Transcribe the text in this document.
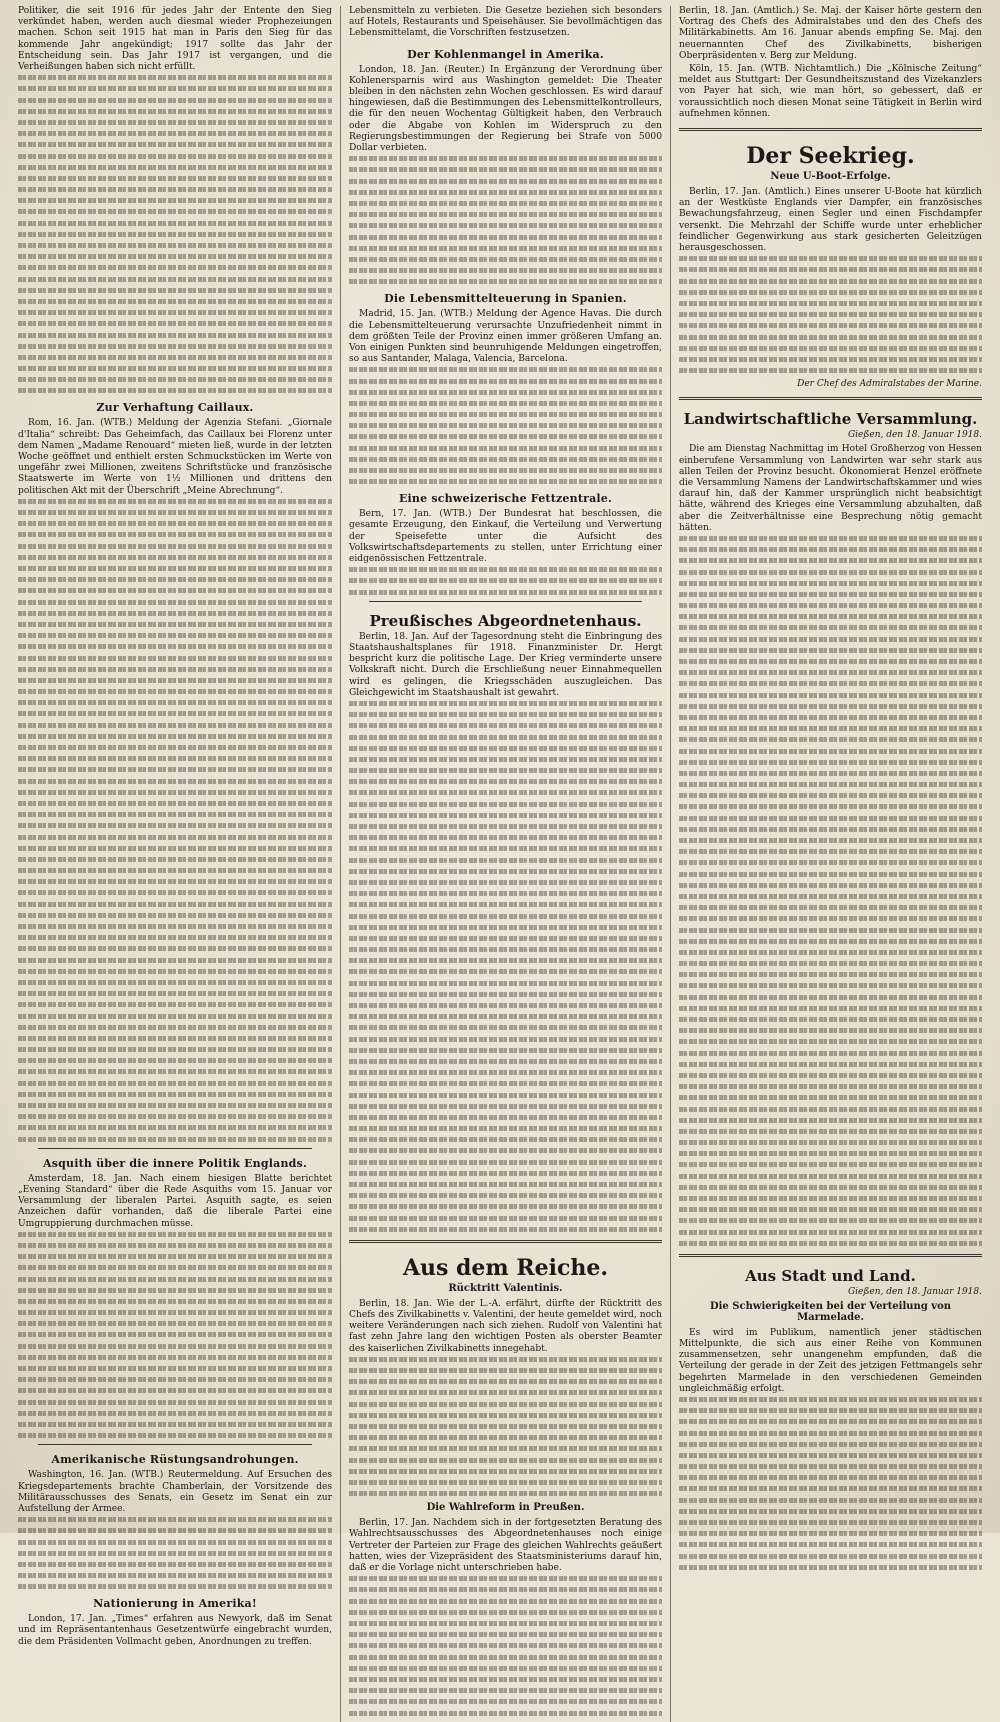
Politiker, die seit 1916 für jedes Jahr der Entente den Sieg verkündet haben, werden auch diesmal wieder Prophezeiungen machen. Schon seit 1915 hat man in Paris den Sieg für das kommende Jahr angekündigt; 1917 sollte das Jahr der Entscheidung sein. Das Jahr 1917 ist vergangen, und die Verheißungen haben sich nicht erfüllt.

Zur Verhaftung Caillaux.

Rom, 16. Jan. (WTB.) Meldung der Agenzia Stefani. „Giornale d'Italia“ schreibt: Das Geheimfach, das Caillaux bei Florenz unter dem Namen „Madame Renouard“ mieten ließ, wurde in der letzten Woche geöffnet und enthielt ersten Schmuckstücken im Werte von ungefähr zwei Millionen, zweitens Schriftstücke und französische Staatswerte im Werte von 1½ Millionen und drittens den politischen Akt mit der Überschrift „Meine Abrechnung“.

Asquith über die innere Politik Englands.

Amsterdam, 18. Jan. Nach einem hiesigen Blatte berichtet „Evening Standard“ über die Rede Asquiths vom 15. Januar vor Versammlung der liberalen Partei. Asquith sagte, es seien Anzeichen dafür vorhanden, daß die liberale Partei eine Umgruppierung durchmachen müsse.

Amerikanische Rüstungsandrohungen.

Washington, 16. Jan. (WTB.) Reutermeldung. Auf Ersuchen des Kriegsdepartements brachte Chamberlain, der Vorsitzende des Militärausschusses des Senats, ein Gesetz im Senat ein zur Aufstellung der Armee.

Nationierung in Amerika!

London, 17. Jan. „Times“ erfahren aus Newyork, daß im Senat und im Repräsentantenhaus Gesetzentwürfe eingebracht wurden, die dem Präsidenten Vollmacht geben, Anordnungen zu treffen.

Lebensmitteln zu verbieten. Die Gesetze beziehen sich besonders auf Hotels, Restaurants und Speisehäuser. Sie bevollmächtigen das Lebensmittelamt, die Vorschriften festzusetzen.

Der Kohlenmangel in Amerika.

London, 18. Jan. (Reuter.) In Ergänzung der Verordnung über Kohlenersparnis wird aus Washington gemeldet: Die Theater bleiben in den nächsten zehn Wochen geschlossen. Es wird darauf hingewiesen, daß die Bestimmungen des Lebensmittelkontrolleurs, die für den neuen Wochentag Gültigkeit haben, den Verbrauch oder die Abgabe von Kohlen im Widerspruch zu den Regierungsbestimmungen der Regierung bei Strafe von 5000 Dollar verbieten.

Die Lebensmittelteuerung in Spanien.

Madrid, 15. Jan. (WTB.) Meldung der Agence Havas. Die durch die Lebensmittelteuerung verursachte Unzufriedenheit nimmt in dem größten Teile der Provinz einen immer größeren Umfang an. Von einigen Punkten sind beunruhigende Meldungen eingetroffen, so aus Santander, Malaga, Valencia, Barcelona.

Eine schweizerische Fettzentrale.

Bern, 17. Jan. (WTB.) Der Bundesrat hat beschlossen, die gesamte Erzeugung, den Einkauf, die Verteilung und Verwertung der Speisefette unter die Aufsicht des Volkswirtschaftsdepartements zu stellen, unter Errichtung einer eidgenössischen Fettzentrale.

Preußisches Abgeordnetenhaus.

Berlin, 18. Jan. Auf der Tagesordnung steht die Einbringung des Staatshaushaltsplanes für 1918. Finanzminister Dr. Hergt bespricht kurz die politische Lage. Der Krieg verminderte unsere Volkskraft nicht. Durch die Erschließung neuer Einnahmequellen wird es gelingen, die Kriegsschäden auszugleichen. Das Gleichgewicht im Staatshaushalt ist gewahrt.

Aus dem Reiche.
Rücktritt Valentinis.

Berlin, 18. Jan. Wie der L.-A. erfährt, dürfte der Rücktritt des Chefs des Zivilkabinetts v. Valentini, der heute gemeldet wird, noch weitere Veränderungen nach sich ziehen. Rudolf von Valentini hat fast zehn Jahre lang den wichtigen Posten als oberster Beamter des kaiserlichen Zivilkabinetts innegehabt.

Die Wahlreform in Preußen.

Berlin, 17. Jan. Nachdem sich in der fortgesetzten Beratung des Wahlrechtsausschusses des Abgeordnetenhauses noch einige Vertreter der Parteien zur Frage des gleichen Wahlrechts geäußert hatten, wies der Vizepräsident des Staatsministeriums darauf hin, daß er die Vorlage nicht unterschrieben habe.

Berlin, 18. Jan. (Amtlich.) Se. Maj. der Kaiser hörte gestern den Vortrag des Chefs des Admiralstabes und den des Chefs des Militärkabinetts. Am 16. Januar abends empfing Se. Maj. den neuernannten Chef des Zivilkabinetts, bisherigen Oberpräsidenten v. Berg zur Meldung.

Köln, 15. Jan. (WTB. Nichtamtlich.) Die „Kölnische Zeitung“ meldet aus Stuttgart: Der Gesundheitszustand des Vizekanzlers von Payer hat sich, wie man hört, so gebessert, daß er voraussichtlich noch diesen Monat seine Tätigkeit in Berlin wird aufnehmen können.

Der Seekrieg.
Neue U-Boot-Erfolge.

Berlin, 17. Jan. (Amtlich.) Eines unserer U-Boote hat kürzlich an der Westküste Englands vier Dampfer, ein französisches Bewachungsfahrzeug, einen Segler und einen Fischdampfer versenkt. Die Mehrzahl der Schiffe wurde unter erheblicher feindlicher Gegenwirkung aus stark gesicherten Geleitzügen herausgeschossen.

Der Chef des Admiralstabes der Marine.
Landwirtschaftliche Versammlung.
Gießen, den 18. Januar 1918.

Die am Dienstag Nachmittag im Hotel Großherzog von Hessen einberufene Versammlung von Landwirten war sehr stark aus allen Teilen der Provinz besucht. Ökonomierat Henzel eröffnete die Versammlung Namens der Landwirtschaftskammer und wies darauf hin, daß der Kammer ursprünglich nicht beabsichtigt hätte, während des Krieges eine Versammlung abzuhalten, daß aber die Zeitverhältnisse eine Besprechung nötig gemacht hätten.

Aus Stadt und Land.
Gießen, den 18. Januar 1918.
Die Schwierigkeiten bei der Verteilung von Marmelade.

Es wird im Publikum, namentlich jener städtischen Mittelpunkte, die sich aus einer Reihe von Kommunen zusammensetzen, sehr unangenehm empfunden, daß die Verteilung der gerade in der Zeit des jetzigen Fettmangels sehr begehrten Marmelade in den verschiedenen Gemeinden ungleichmäßig erfolgt.
